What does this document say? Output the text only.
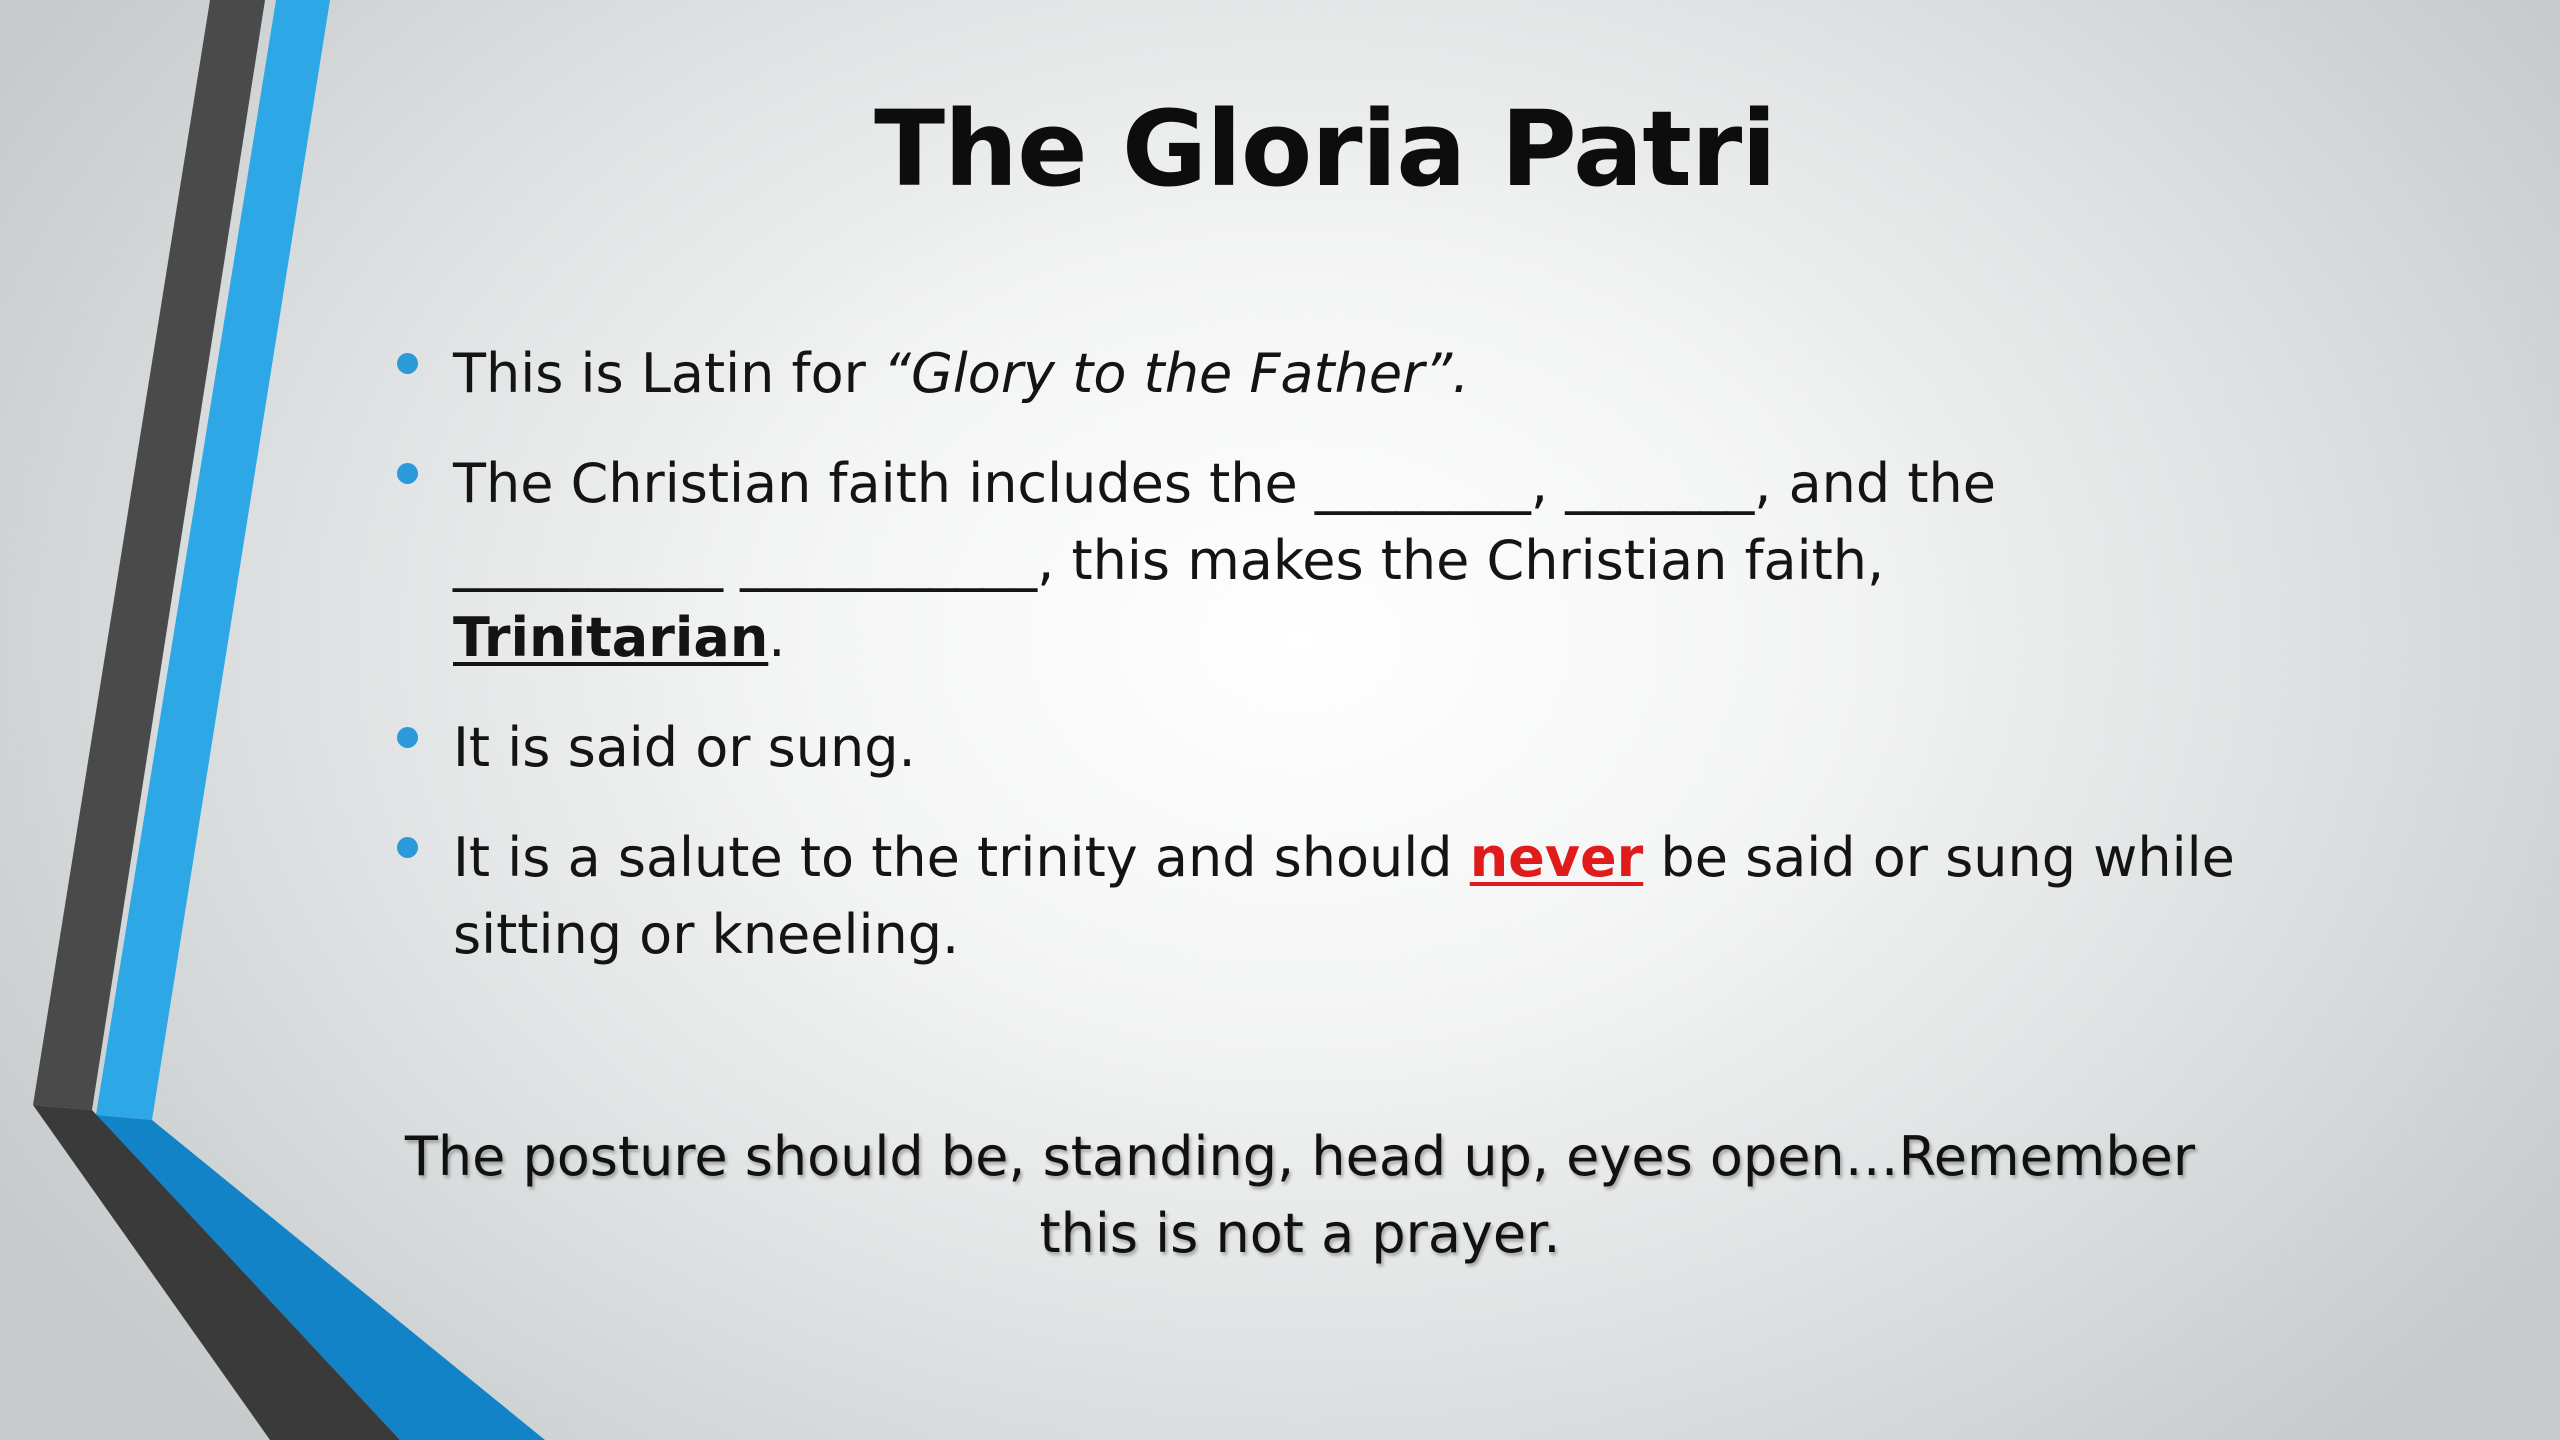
The Gloria Patri
This is Latin for “Glory to the Father”.
The Christian faith includes the ________, _______, and the
__________ ___________, this makes the Christian faith,
Trinitarian.
It is said or sung.
It is a salute to the trinity and should never be said or sung while sitting or kneeling.
The posture should be, standing, head up, eyes open…Remember
this is not a prayer.
